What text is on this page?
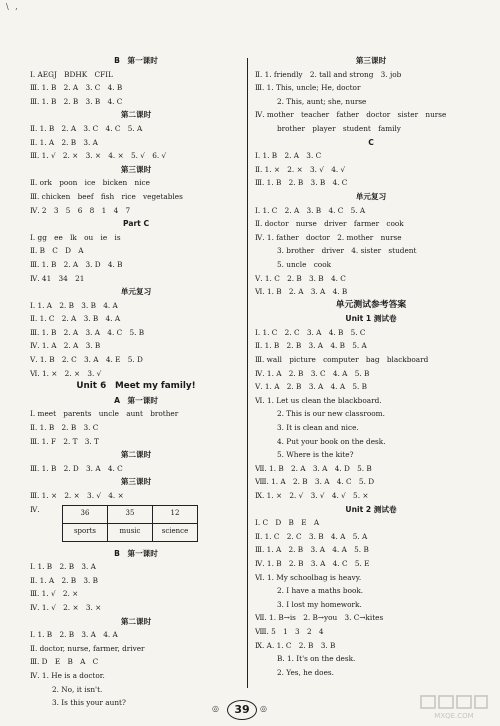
\ ,
B　第一课时
Ⅰ. AEGJ　BDHK　CFIL
Ⅲ. 1. B　2. A　3. C　4. B
Ⅲ. 1. B　2. B　3. B　4. C
第二课时
Ⅱ. 1. B　2. A　3. C　4. C　5. A
Ⅱ. 1. A　2. B　3. A
Ⅲ. 1. √　2. ×　3. ×　4. ×　5. √　6. √
第三课时
Ⅱ. ork　poon　ice　bicken　nice
Ⅲ. chicken　beef　fish　rice　vegetables
Ⅳ. 2　3　5　6　8　1　4　7
Part C
Ⅰ. gg　ee　lk　ou　ie　is
Ⅱ. B　C　D　A
Ⅲ. 1. B　2. A　3. D　4. B
Ⅳ. 41　34　21
单元复习
Ⅰ. 1. A　2. B　3. B　4. A
Ⅱ. 1. C　2. A　3. B　4. A
Ⅲ. 1. B　2. A　3. A　4. C　5. B
Ⅳ. 1. A　2. A　3. B
Ⅴ. 1. B　2. C　3. A　4. E　5. D
Ⅵ. 1. ×　2. ×　3. √
Unit 6　Meet my family!
A　第一课时
Ⅰ. meet　parents　uncle　aunt　brother
Ⅱ. 1. B　2. B　3. C
Ⅲ. 1. F　2. T　3. T
第二课时
Ⅲ. 1. B　2. D　3. A　4. C
第三课时
Ⅲ. 1. ×　2. ×　3. √　4. ×
Ⅳ.	36	35	12
sports	music	science
B　第一课时
Ⅰ. 1. B　2. B　3. A
Ⅱ. 1. A　2. B　3. B
Ⅲ. 1. √　2. ×
Ⅳ. 1. √　2. ×　3. ×
第二课时
Ⅰ. 1. B　2. B　3. A　4. A
Ⅱ. doctor, nurse, farmer, driver
Ⅲ. D　E　B　A　C
Ⅳ. 1. He is a doctor.
2. No, it isn't.
3. Is this your aunt?
第三课时
Ⅱ. 1. friendly　2. tall and strong　3. job
Ⅲ. 1. This, uncle; He, doctor
2. This, aunt; she, nurse
Ⅳ. mother　teacher　father　doctor　sister　nurse
brother　player　student　family
C
Ⅰ. 1. B　2. A　3. C
Ⅱ. 1. ×　2. ×　3. √　4. √
Ⅲ. 1. B　2. B　3. B　4. C
单元复习
Ⅰ. 1. C　2. A　3. B　4. C　5. A
Ⅱ. doctor　nurse　driver　farmer　cook
Ⅳ. 1. father　doctor　2. mother　nurse
3. brother　driver　4. sister　student
5. uncle　cook
Ⅴ. 1. C　2. B　3. B　4. C
Ⅵ. 1. B　2. A　3. A　4. B
单元测试参考答案
Unit 1 测试卷
Ⅰ. 1. C　2. C　3. A　4. B　5. C
Ⅱ. 1. B　2. B　3. A　4. B　5. A
Ⅲ. wall　picture　computer　bag　blackboard
Ⅳ. 1. A　2. B　3. C　4. A　5. B
Ⅴ. 1. A　2. B　3. A　4. A　5. B
Ⅵ. 1. Let us clean the blackboard.
2. This is our new classroom.
3. It is clean and nice.
4. Put your book on the desk.
5. Where is the kite?
Ⅶ. 1. B　2. A　3. A　4. D　5. B
Ⅷ. 1. A　2. B　3. A　4. C　5. D
Ⅸ. 1. ×　2. √　3. √　4. √　5. ×
Unit 2 测试卷
Ⅰ. C　D　B　E　A
Ⅱ. 1. C　2. C　3. B　4. A　5. A
Ⅲ. 1. A　2. B　3. A　4. A　5. B
Ⅳ. 1. B　2. B　3. A　4. C　5. E
Ⅵ. 1. My schoolbag is heavy.
2. I have a maths book.
3. I lost my homework.
Ⅶ. 1. B→is　2. B→you　3. C→kites
Ⅷ. 5　1　3　2　4
Ⅸ. A. 1. C　2. B　3. B
B. 1. It's on the desk.
2. Yes, he does.
◎	39	◎
MXQE.COM
